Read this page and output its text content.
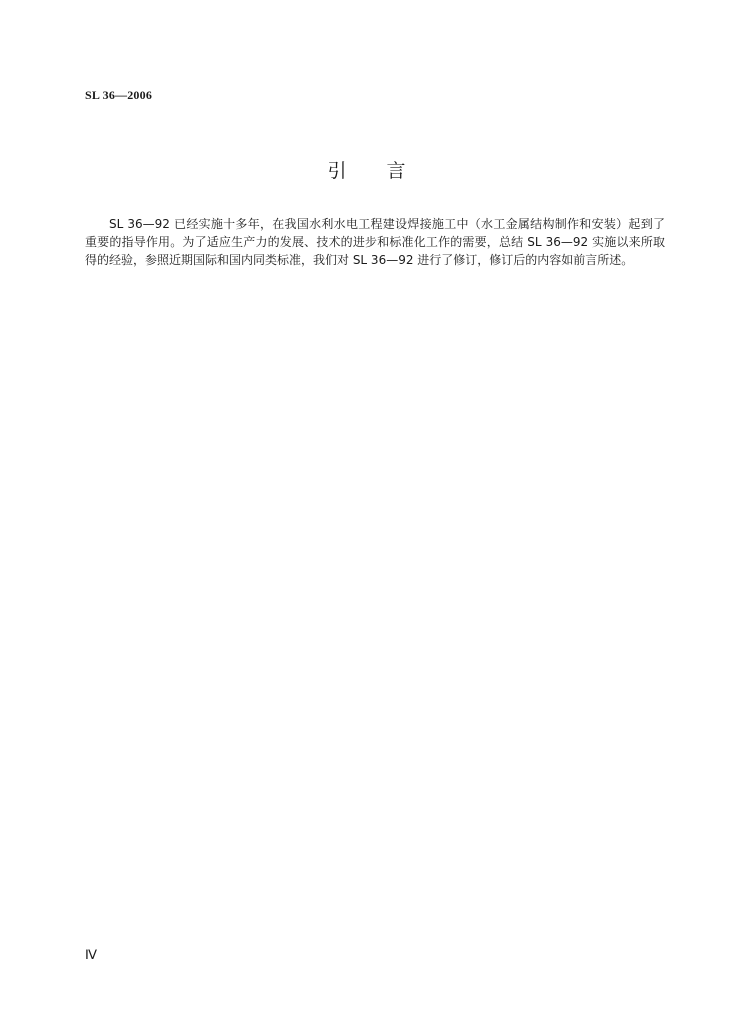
SL 36—2006
引言

SL 36—92 已经实施十多年，在我国水利水电工程建设焊接施工中（水工金属结构制作和安装）起到了重要的指导作用。为了适应生产力的发展、技术的进步和标准化工作的需要，总结 SL 36—92 实施以来所取得的经验，参照近期国际和国内同类标准，我们对 SL 36—92 进行了修订，修订后的内容如前言所述。

Ⅳ
